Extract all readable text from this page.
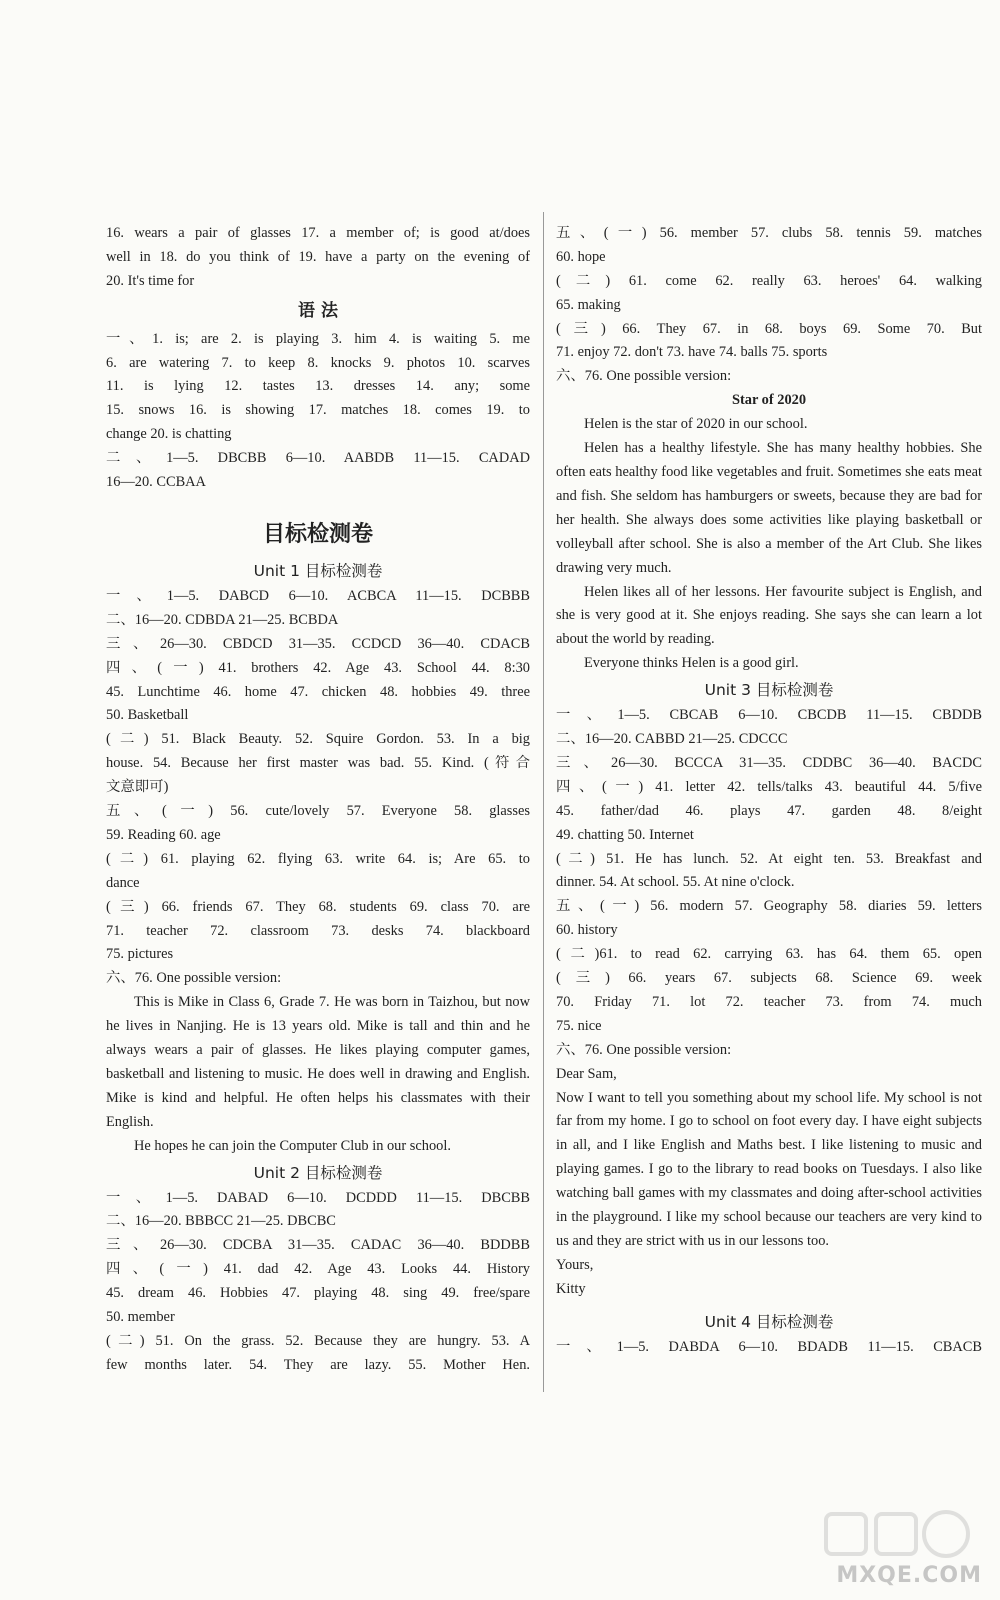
16. wears a pair of glasses 17. a member of; is good at/does
well in 18. do you think of 19. have a party on the evening of
20. It's time for
语 法
一、1. is; are 2. is playing 3. him 4. is waiting 5. me
6. are watering 7. to keep 8. knocks 9. photos 10. scarves
11. is lying 12. tastes 13. dresses 14. any; some
15. snows 16. is showing 17. matches 18. comes 19. to
change 20. is chatting
二、1—5. DBCBB 6—10. AABDB 11—15. CADAD
16—20. CCBAA
目标检测卷
Unit 1 目标检测卷
一、1—5. DABCD 6—10. ACBCA 11—15. DCBBB
二、16—20. CDBDA 21—25. BCBDA
三、26—30. CBDCD 31—35. CCDCD 36—40. CDACB
四、(一) 41. brothers 42. Age 43. School 44. 8:30
45. Lunchtime 46. home 47. chicken 48. hobbies 49. three
50. Basketball
(二) 51. Black Beauty. 52. Squire Gordon. 53. In a big
house. 54. Because her first master was bad. 55. Kind. (符合
文意即可)
五、(一) 56. cute/lovely 57. Everyone 58. glasses
59. Reading 60. age
(二) 61. playing 62. flying 63. write 64. is; Are 65. to
dance
(三) 66. friends 67. They 68. students 69. class 70. are
71. teacher 72. classroom 73. desks 74. blackboard
75. pictures
六、76. One possible version:
This is Mike in Class 6, Grade 7. He was born in Taizhou, but now he lives in Nanjing. He is 13 years old. Mike is tall and thin and he always wears a pair of glasses. He likes playing computer games, basketball and listening to music. He does well in drawing and English. Mike is kind and helpful. He often helps his classmates with their English.
He hopes he can join the Computer Club in our school.
Unit 2 目标检测卷
一、1—5. DABAD 6—10. DCDDD 11—15. DBCBB
二、16—20. BBBCC 21—25. DBCBC
三、26—30. CDCBA 31—35. CADAC 36—40. BDDBB
四、(一) 41. dad 42. Age 43. Looks 44. History
45. dream 46. Hobbies 47. playing 48. sing 49. free/spare
50. member
(二) 51. On the grass. 52. Because they are hungry. 53. A
few months later. 54. They are lazy. 55. Mother Hen.
五、(一) 56. member 57. clubs 58. tennis 59. matches
60. hope
(二) 61. come 62. really 63. heroes' 64. walking
65. making
(三) 66. They 67. in 68. boys 69. Some 70. But
71. enjoy 72. don't 73. have 74. balls 75. sports
六、76. One possible version:
Star of 2020
Helen is the star of 2020 in our school.
Helen has a healthy lifestyle. She has many healthy hobbies. She often eats healthy food like vegetables and fruit. Sometimes she eats meat and fish. She seldom has hamburgers or sweets, because they are bad for her health. She always does some activities like playing basketball or volleyball after school. She is also a member of the Art Club. She likes drawing very much.
Helen likes all of her lessons. Her favourite subject is English, and she is very good at it. She enjoys reading. She says she can learn a lot about the world by reading.
Everyone thinks Helen is a good girl.
Unit 3 目标检测卷
一、1—5. CBCAB 6—10. CBCDB 11—15. CBDDB
二、16—20. CABBD 21—25. CDCCC
三、26—30. BCCCA 31—35. CDDBC 36—40. BACDC
四、(一) 41. letter 42. tells/talks 43. beautiful 44. 5/five
45. father/dad 46. plays 47. garden 48. 8/eight
49. chatting 50. Internet
(二) 51. He has lunch. 52. At eight ten. 53. Breakfast and
dinner. 54. At school. 55. At nine o'clock.
五、(一) 56. modern 57. Geography 58. diaries 59. letters
60. history
(二)61. to read 62. carrying 63. has 64. them 65. open
(三) 66. years 67. subjects 68. Science 69. week
70. Friday 71. lot 72. teacher 73. from 74. much
75. nice
六、76. One possible version:
Dear Sam,
Now I want to tell you something about my school life. My school is not far from my home. I go to school on foot every day. I have eight subjects in all, and I like English and Maths best. I like listening to music and playing games. I go to the library to read books on Tuesdays. I also like watching ball games with my classmates and doing after-school activities in the playground. I like my school because our teachers are very kind to us and they are strict with us in our lessons too.
Yours,
Kitty
Unit 4 目标检测卷
一、1—5. DABDA 6—10. BDADB 11—15. CBACB
MXQE.COM
